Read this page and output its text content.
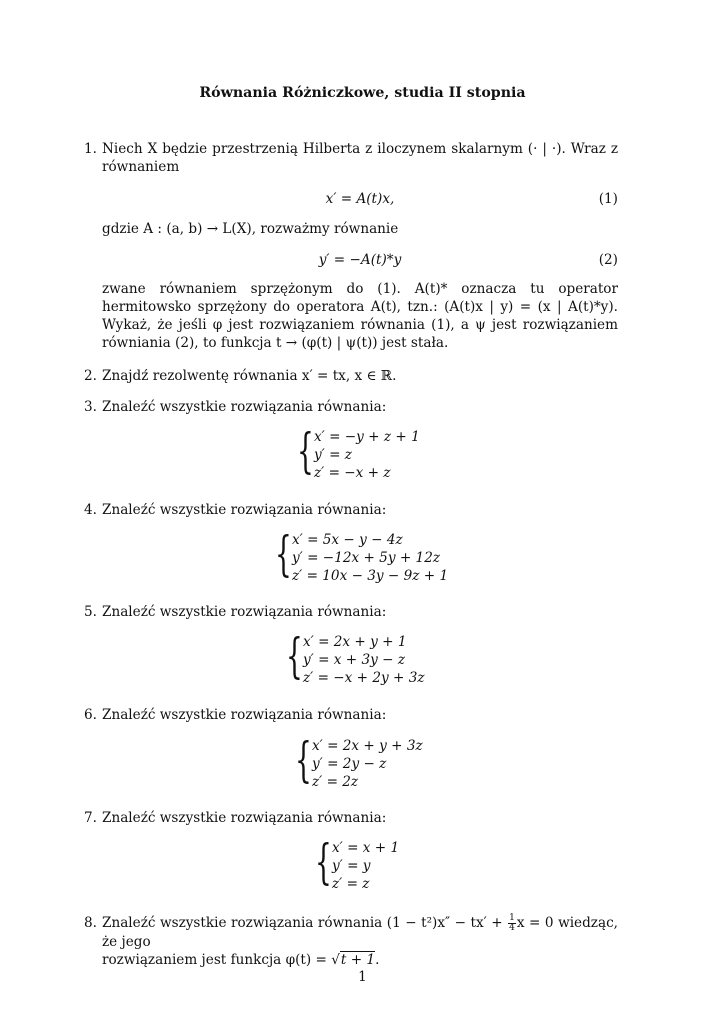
Równania Różniczkowe, studia II stopnia
1. Niech X będzie przestrzenią Hilberta z iloczynem skalarnym (· | ·). Wraz z równaniem

x′ = A(t)x,	(1)

gdzie A : (a, b) → L(X), rozważmy równanie

y′ = −A(t)*y	(2)

zwane równaniem sprzężonym do (1). A(t)* oznacza tu operator hermitowsko sprzężony do operatora A(t), tzn.: (A(t)x | y) = (x | A(t)*y). Wykaż, że jeśli φ jest rozwiązaniem równania (1), a ψ jest rozwiązaniem równiania (2), to funkcja t → (φ(t) | ψ(t)) jest stała.

2. Znajdź rezolwentę równania x′ = tx, x ∈ ℝ.

3. Znaleźć wszystkie rozwiązania równania:

{ x′ = −y + z + 1
y′ = z
z′ = −x + z
4. Znaleźć wszystkie rozwiązania równania:

{ x′ = 5x − y − 4z
y′ = −12x + 5y + 12z
z′ = 10x − 3y − 9z + 1
5. Znaleźć wszystkie rozwiązania równania:

{ x′ = 2x + y + 1
y′ = x + 3y − z
z′ = −x + 2y + 3z
6. Znaleźć wszystkie rozwiązania równania:

{ x′ = 2x + y + 3z
y′ = 2y − z
z′ = 2z
7. Znaleźć wszystkie rozwiązania równania:

{ x′ = x + 1
y′ = y
z′ = z
8. Znaleźć wszystkie rozwiązania równania $(1 - t^2)x'' - tx' + \frac{1}{4}$ x = 0 wiedząc, że jego

rozwiązaniem jest funkcja φ(t) = √t + 1.

1
